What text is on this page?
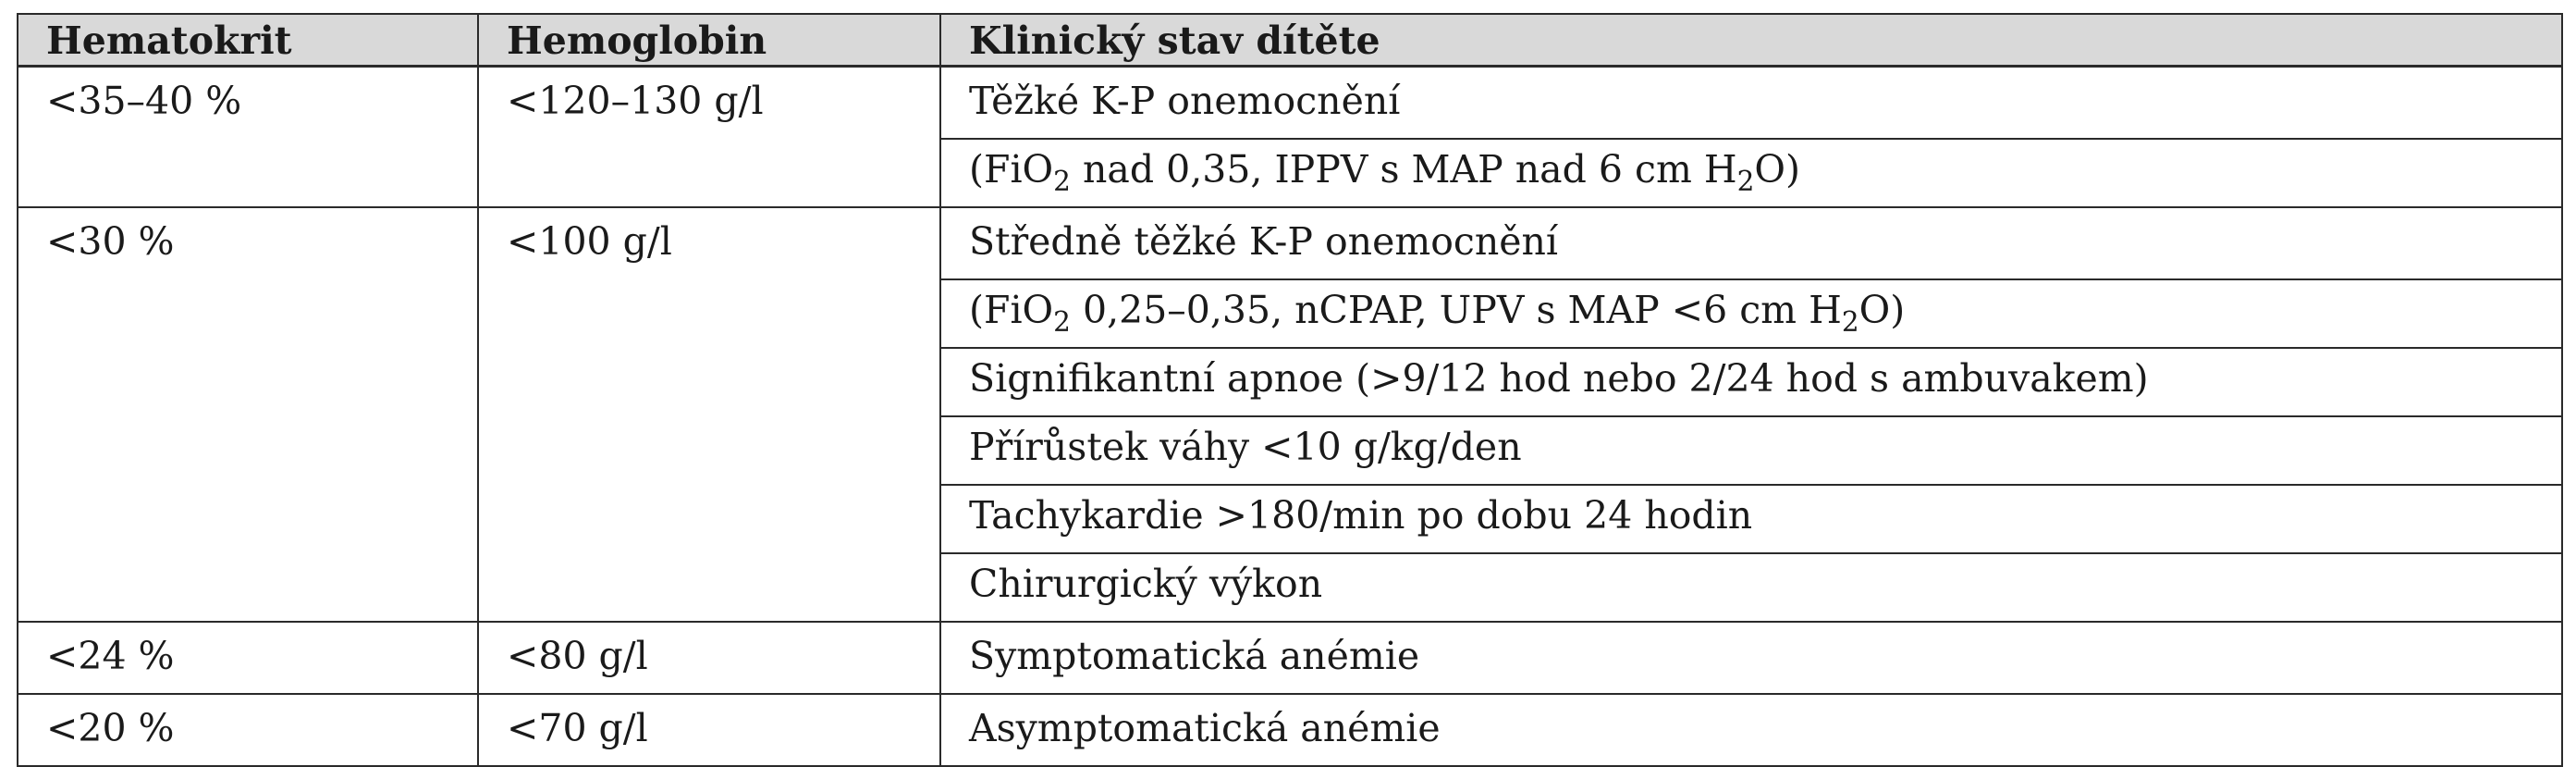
Hematokrit	Hemoglobin	Klinický stav dítěte
<35–40 %	<120–130 g/l	Těžké K-P onemocnění
		(FiO$_2$ nad 0,35, IPPV s MAP nad 6 cm $H_2O$)
<30 %	<100 g/l	Středně těžké K-P onemocnění
		(FiO$_2$ 0,25–0,35, nCPAP, UPV s MAP <6 cm $H_2O$)
		Signifikantní apnoe (>9/12 hod nebo 2/24 hod s ambuvakem)
		Přírůstek váhy <10 g/kg/den
		Tachykardie >180/min po dobu 24 hodin
		Chirurgický výkon
<24 %	<80 g/l	Symptomatická anémie
<20 %	<70 g/l	Asymptomatická anémie
